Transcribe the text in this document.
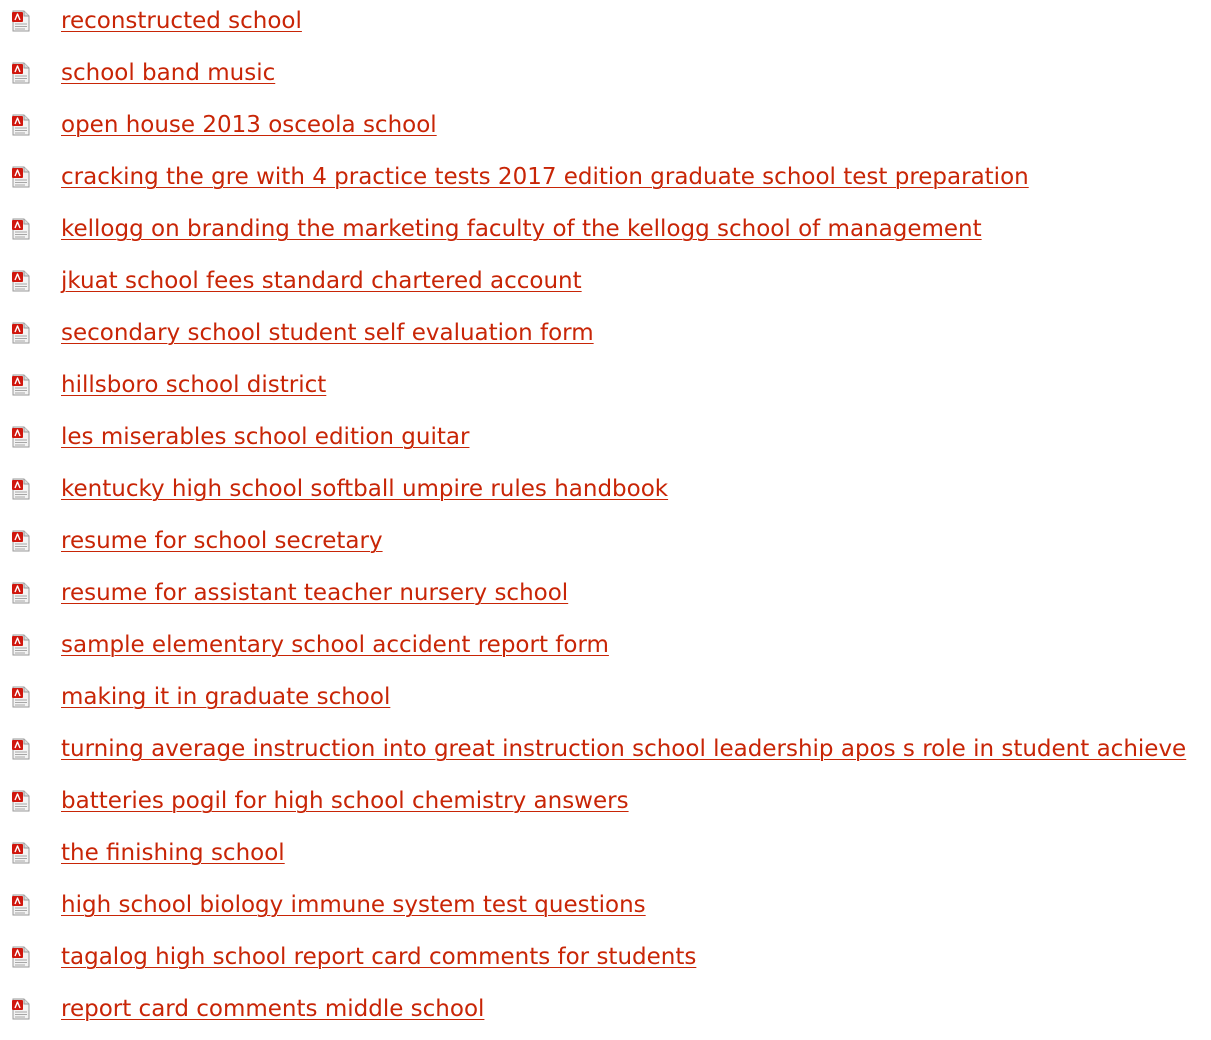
reconstructed school
school band music
open house 2013 osceola school
cracking the gre with 4 practice tests 2017 edition graduate school test preparation
kellogg on branding the marketing faculty of the kellogg school of management
jkuat school fees standard chartered account
secondary school student self evaluation form
hillsboro school district
les miserables school edition guitar
kentucky high school softball umpire rules handbook
resume for school secretary
resume for assistant teacher nursery school
sample elementary school accident report form
making it in graduate school
turning average instruction into great instruction school leadership apos s role in student achieve
batteries pogil for high school chemistry answers
the finishing school
high school biology immune system test questions
tagalog high school report card comments for students
report card comments middle school
